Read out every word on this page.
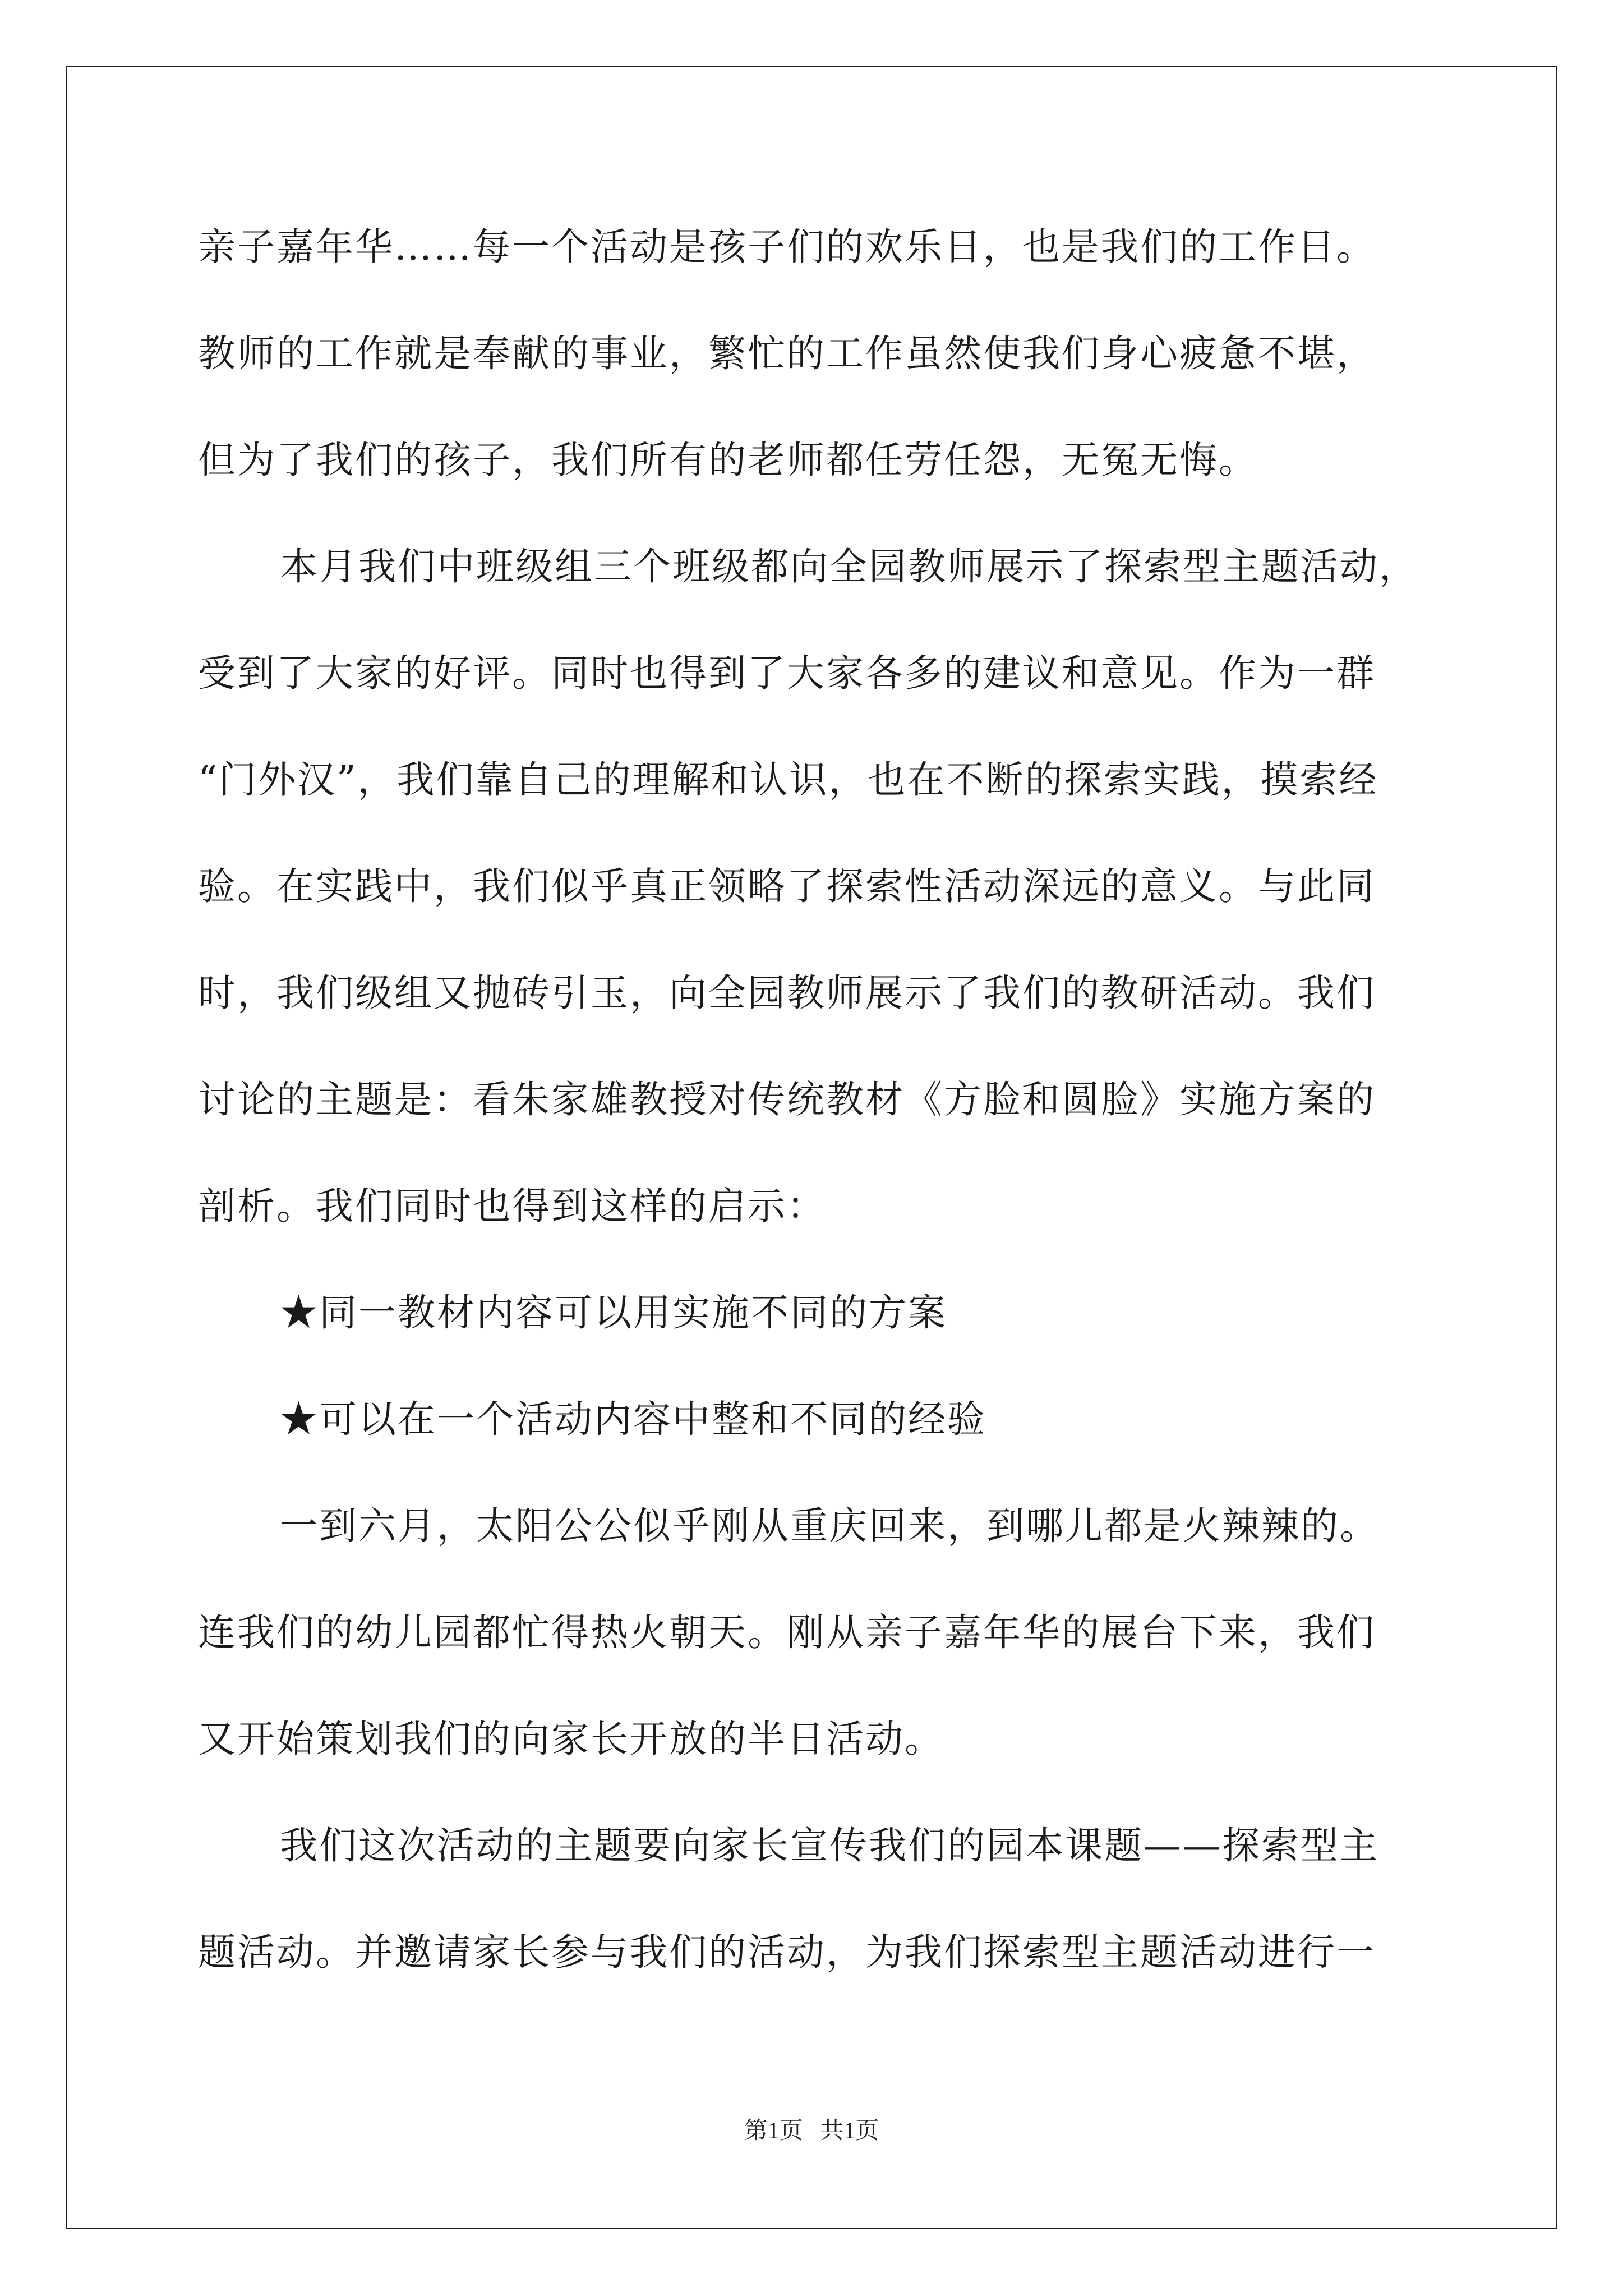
亲子嘉年华……每一个活动是孩子们的欢乐日，也是我们的工作日。

教师的工作就是奉献的事业，繁忙的工作虽然使我们身心疲惫不堪，

但为了我们的孩子，我们所有的老师都任劳任怨，无冤无悔。

本月我们中班级组三个班级都向全园教师展示了探索型主题活动，

受到了大家的好评。同时也得到了大家各多的建议和意见。作为一群

“门外汉”，我们靠自己的理解和认识，也在不断的探索实践，摸索经

验。在实践中，我们似乎真正领略了探索性活动深远的意义。与此同

时，我们级组又抛砖引玉，向全园教师展示了我们的教研活动。我们

讨论的主题是：看朱家雄教授对传统教材《方脸和圆脸》实施方案的

剖析。我们同时也得到这样的启示：

★同一教材内容可以用实施不同的方案

★可以在一个活动内容中整和不同的经验

一到六月，太阳公公似乎刚从重庆回来，到哪儿都是火辣辣的。

连我们的幼儿园都忙得热火朝天。刚从亲子嘉年华的展台下来，我们

又开始策划我们的向家长开放的半日活动。

我们这次活动的主题要向家长宣传我们的园本课题——探索型主

题活动。并邀请家长参与我们的活动，为我们探索型主题活动进行一

第1页 共1页
